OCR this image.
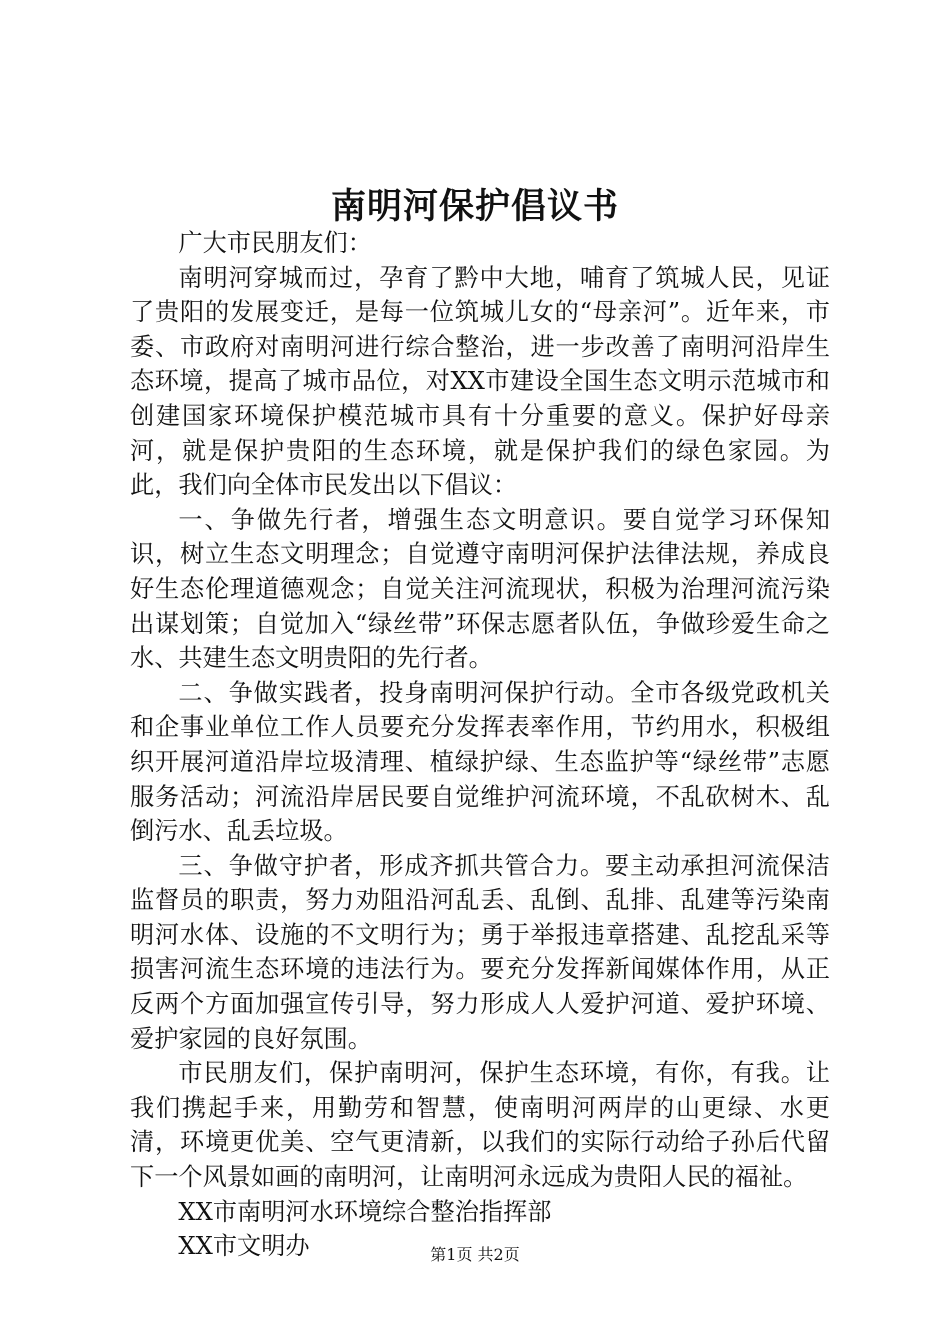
南明河保护倡议书

广大市民朋友们：

南明河穿城而过，孕育了黔中大地，哺育了筑城人民，见证了贵阳的发展变迁，是每一位筑城儿女的“母亲河”。近年来，市委、市政府对南明河进行综合整治，进一步改善了南明河沿岸生态环境，提高了城市品位，对XX市建设全国生态文明示范城市和创建国家环境保护模范城市具有十分重要的意义。保护好母亲河，就是保护贵阳的生态环境，就是保护我们的绿色家园。为此，我们向全体市民发出以下倡议：

一、争做先行者，增强生态文明意识。要自觉学习环保知识，树立生态文明理念；自觉遵守南明河保护法律法规，养成良好生态伦理道德观念；自觉关注河流现状，积极为治理河流污染出谋划策；自觉加入“绿丝带”环保志愿者队伍，争做珍爱生命之水、共建生态文明贵阳的先行者。

二、争做实践者，投身南明河保护行动。全市各级党政机关和企事业单位工作人员要充分发挥表率作用，节约用水，积极组织开展河道沿岸垃圾清理、植绿护绿、生态监护等“绿丝带”志愿服务活动；河流沿岸居民要自觉维护河流环境，不乱砍树木、乱倒污水、乱丢垃圾。

三、争做守护者，形成齐抓共管合力。要主动承担河流保洁监督员的职责，努力劝阻沿河乱丢、乱倒、乱排、乱建等污染南明河水体、设施的不文明行为；勇于举报违章搭建、乱挖乱采等损害河流生态环境的违法行为。要充分发挥新闻媒体作用，从正反两个方面加强宣传引导，努力形成人人爱护河道、爱护环境、爱护家园的良好氛围。

市民朋友们，保护南明河，保护生态环境，有你，有我。让我们携起手来，用勤劳和智慧，使南明河两岸的山更绿、水更清，环境更优美、空气更清新，以我们的实际行动给子孙后代留下一个风景如画的南明河，让南明河永远成为贵阳人民的福祉。

XX市南明河水环境综合整治指挥部

XX市文明办	第1页 共2页
